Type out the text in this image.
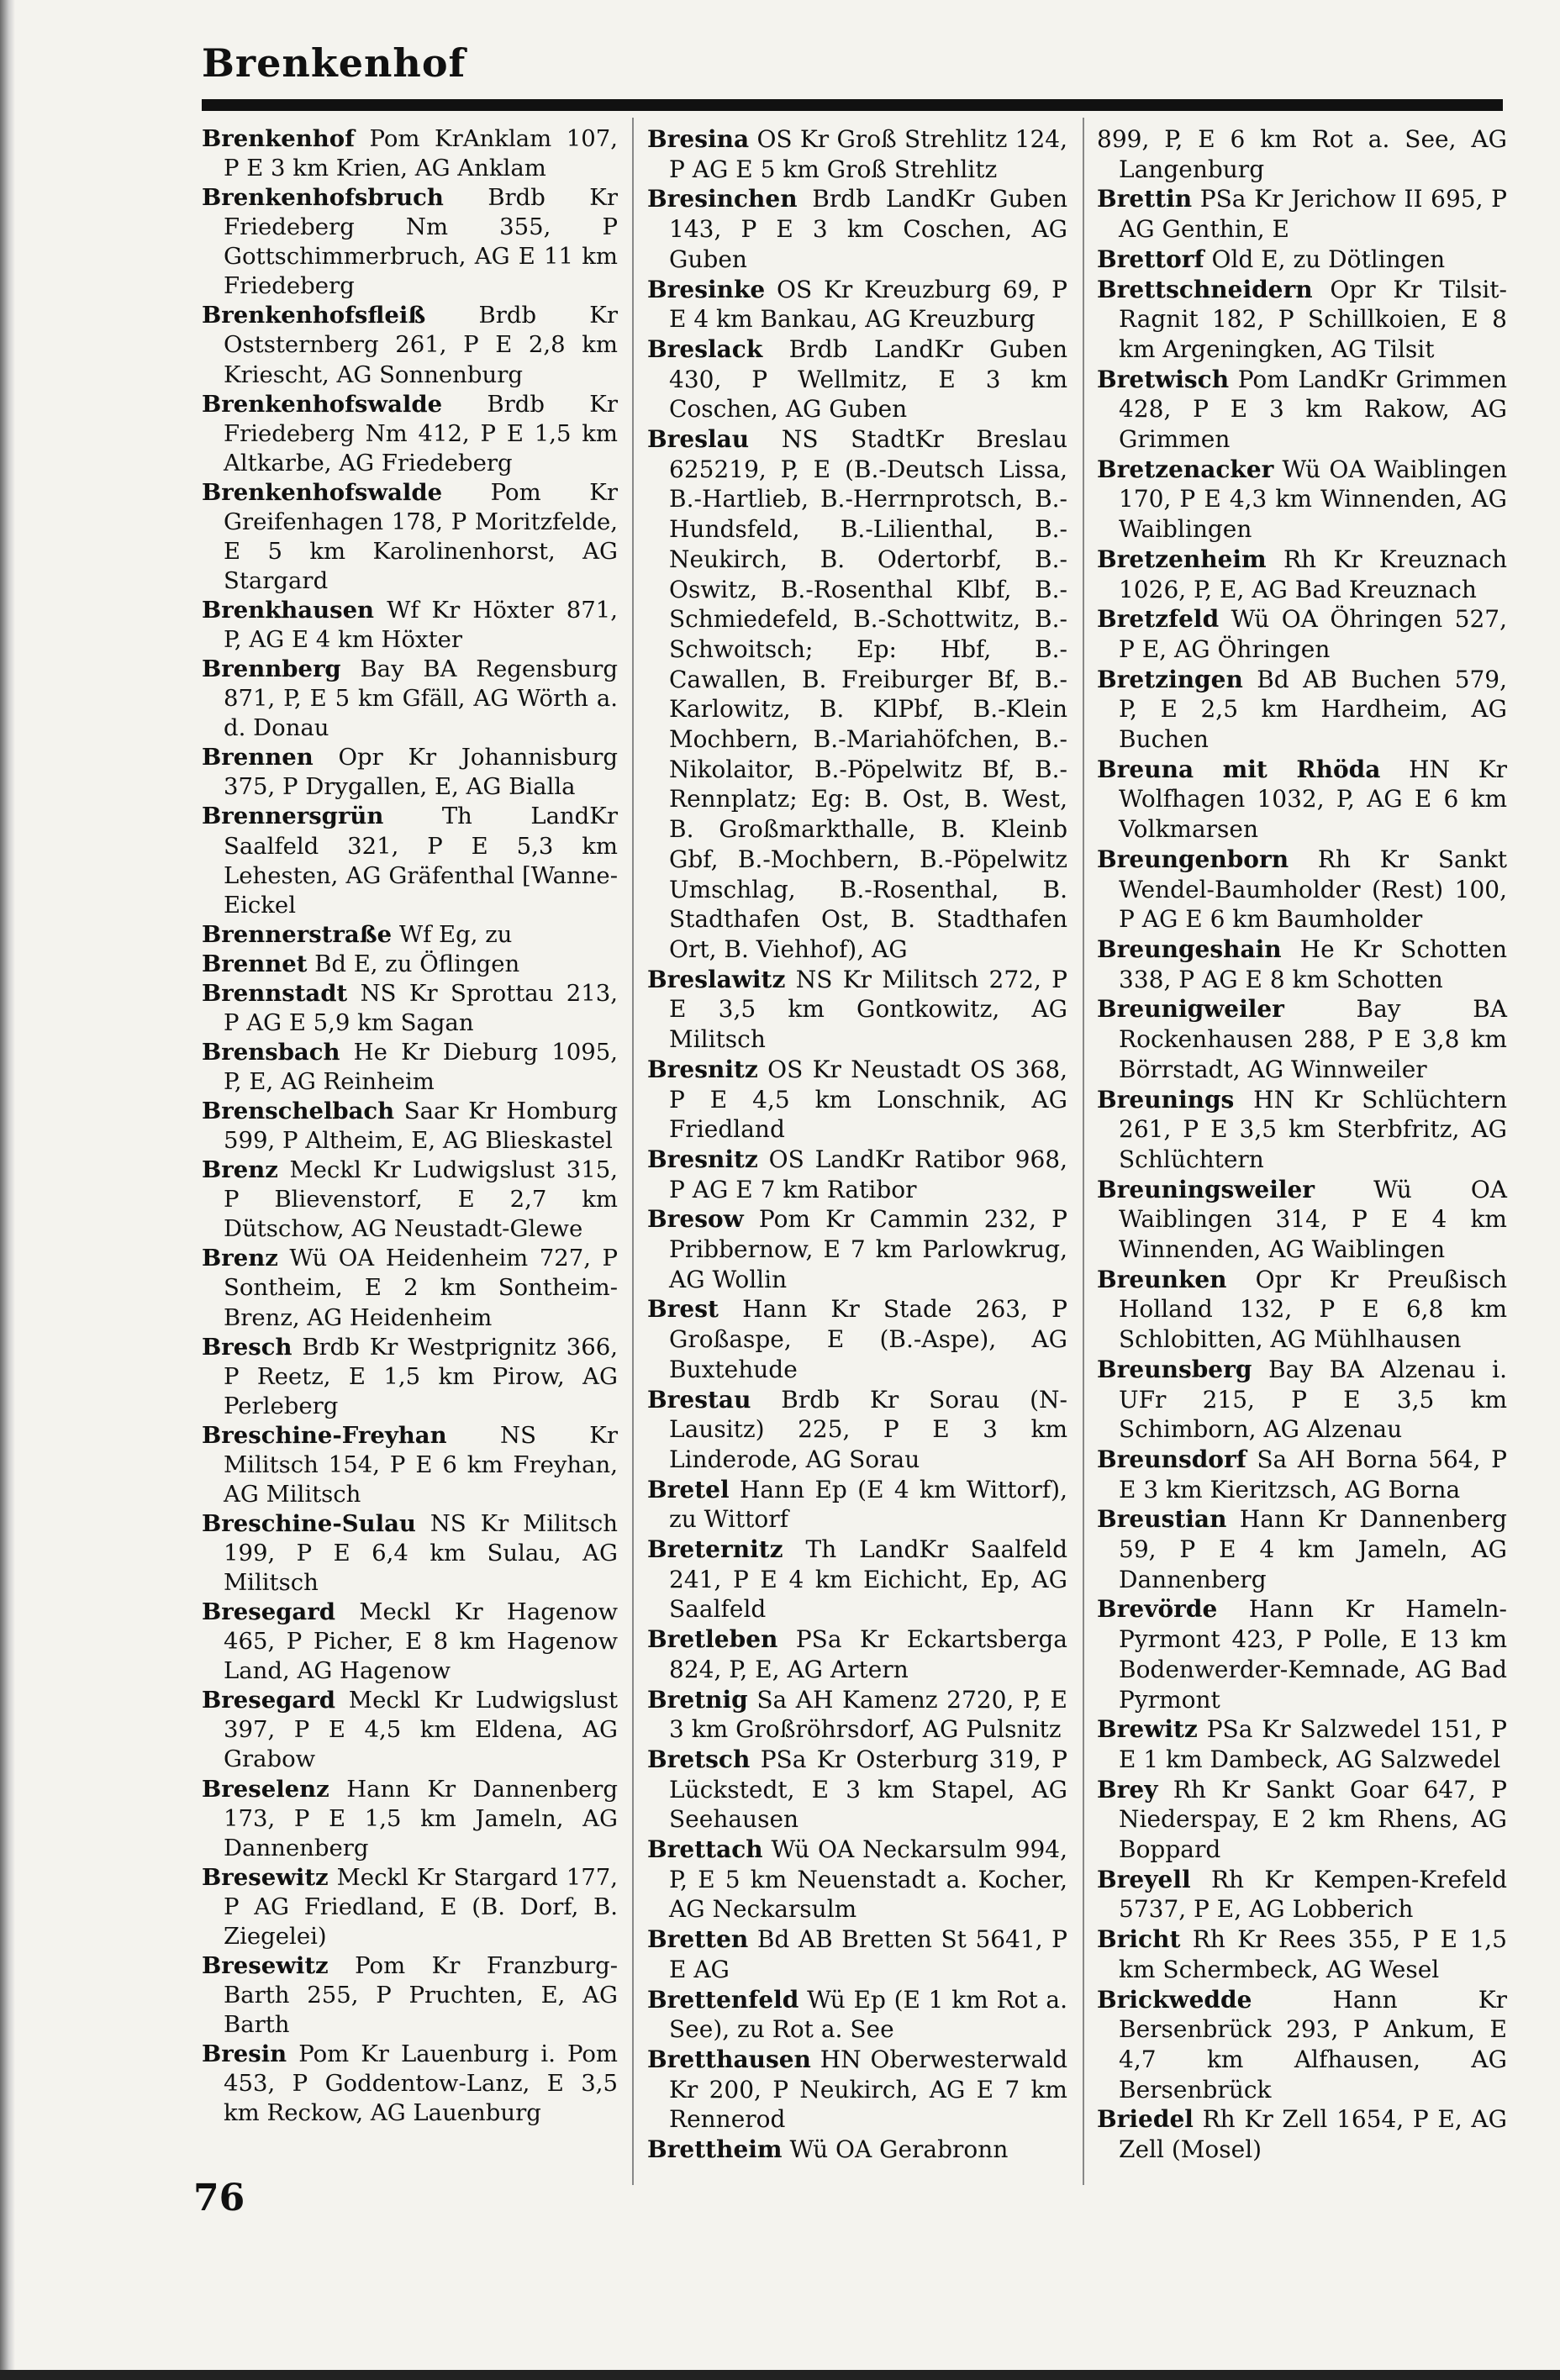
Brenkenhof

Brenkenhof Pom KrAnklam 107, P E 3 km Krien, AG Anklam

Brenkenhofsbruch Brdb Kr Friedeberg Nm 355, P Gottschimmerbruch, AG E 11 km Friedeberg

Brenkenhofsfleiß Brdb Kr Oststernberg 261, P E 2,8 km Kriescht, AG Sonnenburg

Brenkenhofswalde Brdb Kr Friedeberg Nm 412, P E 1,5 km Altkarbe, AG Friedeberg

Brenkenhofswalde Pom Kr Greifenhagen 178, P Moritzfelde, E 5 km Karolinenhorst, AG Stargard

Brenkhausen Wf Kr Höxter 871, P, AG E 4 km Höxter

Brennberg Bay BA Regensburg 871, P, E 5 km Gfäll, AG Wörth a. d. Donau

Brennen Opr Kr Johannisburg 375, P Drygallen, E, AG Bialla

Brennersgrün	Th LandKr Saalfeld 321, P E 5,3 km Lehesten, AG Gräfenthal [Wanne-Eickel

Brennerstraße Wf Eg, zu

Brennet Bd E, zu Öflingen

Brennstadt NS Kr Sprottau 213, P AG E 5,9 km Sagan

Brensbach He Kr Dieburg 1095, P, E, AG Reinheim

Brenschelbach Saar Kr Homburg 599, P Altheim, E, AG Blieskastel

Brenz Meckl Kr Ludwigslust 315, P Blievenstorf, E 2,7 km Dütschow, AG Neustadt-Glewe

Brenz Wü OA Heidenheim 727, P Sontheim, E 2 km Sontheim-Brenz, AG Heidenheim

Bresch Brdb Kr Westprignitz 366, P Reetz, E 1,5 km Pirow, AG Perleberg

Breschine-Freyhan NS Kr Militsch 154, P E 6 km Freyhan, AG Militsch

Breschine-Sulau NS Kr Militsch 199, P E 6,4 km Sulau, AG Militsch

Bresegard Meckl Kr Hagenow 465, P Picher, E 8 km Hagenow Land, AG Hagenow

Bresegard Meckl Kr Ludwigslust 397, P E 4,5 km Eldena, AG Grabow

Breselenz Hann Kr Dannenberg 173, P E 1,5 km Jameln, AG Dannenberg

Bresewitz Meckl Kr Stargard 177, P AG Friedland, E (B. Dorf, B. Ziegelei)

Bresewitz Pom Kr Franzburg-Barth 255, P Pruchten, E, AG Barth

Bresin Pom Kr Lauenburg i. Pom 453, P Goddentow-Lanz, E 3,5 km Reckow, AG Lauenburg

Bresina OS Kr Groß Strehlitz 124, P AG E 5 km Groß Strehlitz

Bresinchen Brdb LandKr Guben 143, P E 3 km Coschen, AG Guben

Bresinke OS Kr Kreuzburg 69, P E 4 km Bankau, AG Kreuzburg

Breslack Brdb LandKr Guben 430, P Wellmitz, E 3 km Coschen, AG Guben

Breslau NS StadtKr Breslau 625219, P, E (B.-Deutsch Lissa, B.-Hartlieb, B.-Herrnprotsch, B.-Hundsfeld, B.-Lilienthal, B.-Neukirch, B. Odertorbf, B.-Oswitz, B.-Rosenthal Klbf, B.-Schmiedefeld, B.-Schottwitz, B.-Schwoitsch; Ep: Hbf, B.-Cawallen, B. Freiburger Bf, B.-Karlowitz, B. KlPbf, B.-Klein Mochbern, B.-Mariahöfchen, B.-Nikolaitor, B.-Pöpelwitz Bf, B.-Rennplatz; Eg: B. Ost, B. West, B. Großmarkthalle, B. Kleinb Gbf, B.-Mochbern, B.-Pöpelwitz Umschlag, B.-Rosenthal, B. Stadthafen Ost, B. Stadthafen Ort, B. Viehhof), AG

Breslawitz NS Kr Militsch 272, P E 3,5 km Gontkowitz, AG Militsch

Bresnitz OS Kr Neustadt OS 368, P E 4,5 km Lonschnik, AG Friedland

Bresnitz OS LandKr Ratibor 968, P AG E 7 km Ratibor

Bresow Pom Kr Cammin 232, P Pribbernow, E 7 km Parlowkrug, AG Wollin

Brest Hann Kr Stade 263, P Großaspe, E (B.-Aspe), AG Buxtehude

Brestau Brdb Kr Sorau (N-Lausitz) 225, P E 3 km Linderode, AG Sorau

Bretel Hann Ep (E 4 km Wittorf), zu Wittorf

Breternitz Th LandKr Saalfeld 241, P E 4 km Eichicht, Ep, AG Saalfeld

Bretleben PSa Kr Eckartsberga 824, P, E, AG Artern

Bretnig Sa AH Kamenz 2720, P, E 3 km Großröhrsdorf, AG Pulsnitz

Bretsch PSa Kr Osterburg 319, P Lückstedt, E 3 km Stapel, AG Seehausen

Brettach Wü OA Neckarsulm 994, P, E 5 km Neuenstadt a. Kocher, AG Neckarsulm

Bretten Bd AB Bretten St 5641, P E AG

Brettenfeld Wü Ep (E 1 km Rot a. See), zu Rot a. See

Bretthausen HN Oberwesterwald Kr 200, P Neukirch, AG E 7 km Rennerod

Brettheim Wü OA Gerabronn

899, P, E 6 km Rot a. See, AG Langenburg

Brettin PSa Kr Jerichow II 695, P AG Genthin, E

Brettorf Old E, zu Dötlingen

Brettschneidern Opr Kr Tilsit-Ragnit 182, P Schillkoien, E 8 km Argeningken, AG Tilsit

Bretwisch Pom LandKr Grimmen 428, P E 3 km Rakow, AG Grimmen

Bretzenacker Wü OA Waiblingen 170, P E 4,3 km Winnenden, AG Waiblingen

Bretzenheim Rh Kr Kreuznach 1026, P, E, AG Bad Kreuznach

Bretzfeld Wü OA Öhringen 527, P E, AG Öhringen

Bretzingen Bd AB Buchen 579, P, E 2,5 km Hardheim, AG Buchen

Breuna mit Rhöda HN Kr Wolfhagen 1032, P, AG E 6 km Volkmarsen

Breungenborn Rh Kr Sankt Wendel-Baumholder (Rest) 100, P AG E 6 km Baumholder

Breungeshain He Kr Schotten 338, P AG E 8 km Schotten

Breunigweiler	Bay BA Rockenhausen 288, P E 3,8 km Börrstadt, AG Winnweiler

Breunings HN Kr Schlüchtern 261, P E 3,5 km Sterbfritz, AG Schlüchtern

Breuningsweiler	Wü OA Waiblingen 314, P E 4 km Winnenden, AG Waiblingen

Breunken Opr Kr Preußisch Holland 132, P E 6,8 km Schlobitten, AG Mühlhausen

Breunsberg Bay BA Alzenau i. UFr 215, P E 3,5 km Schimborn, AG Alzenau

Breunsdorf Sa AH Borna 564, P E 3 km Kieritzsch, AG Borna

Breustian Hann Kr Dannenberg 59, P E 4 km Jameln, AG Dannenberg

Brevörde Hann Kr Hameln-Pyrmont 423, P Polle, E 13 km Bodenwerder-Kemnade, AG Bad Pyrmont

Brewitz PSa Kr Salzwedel 151, P E 1 km Dambeck, AG Salzwedel

Brey Rh Kr Sankt Goar 647, P Niederspay, E 2 km Rhens, AG Boppard

Breyell Rh Kr Kempen-Krefeld 5737, P E, AG Lobberich

Bricht Rh Kr Rees 355, P E 1,5 km Schermbeck, AG Wesel

Brickwedde	Hann Kr Bersenbrück 293, P Ankum, E 4,7 km Alfhausen, AG Bersenbrück

Briedel Rh Kr Zell 1654, P E, AG Zell (Mosel)

76
